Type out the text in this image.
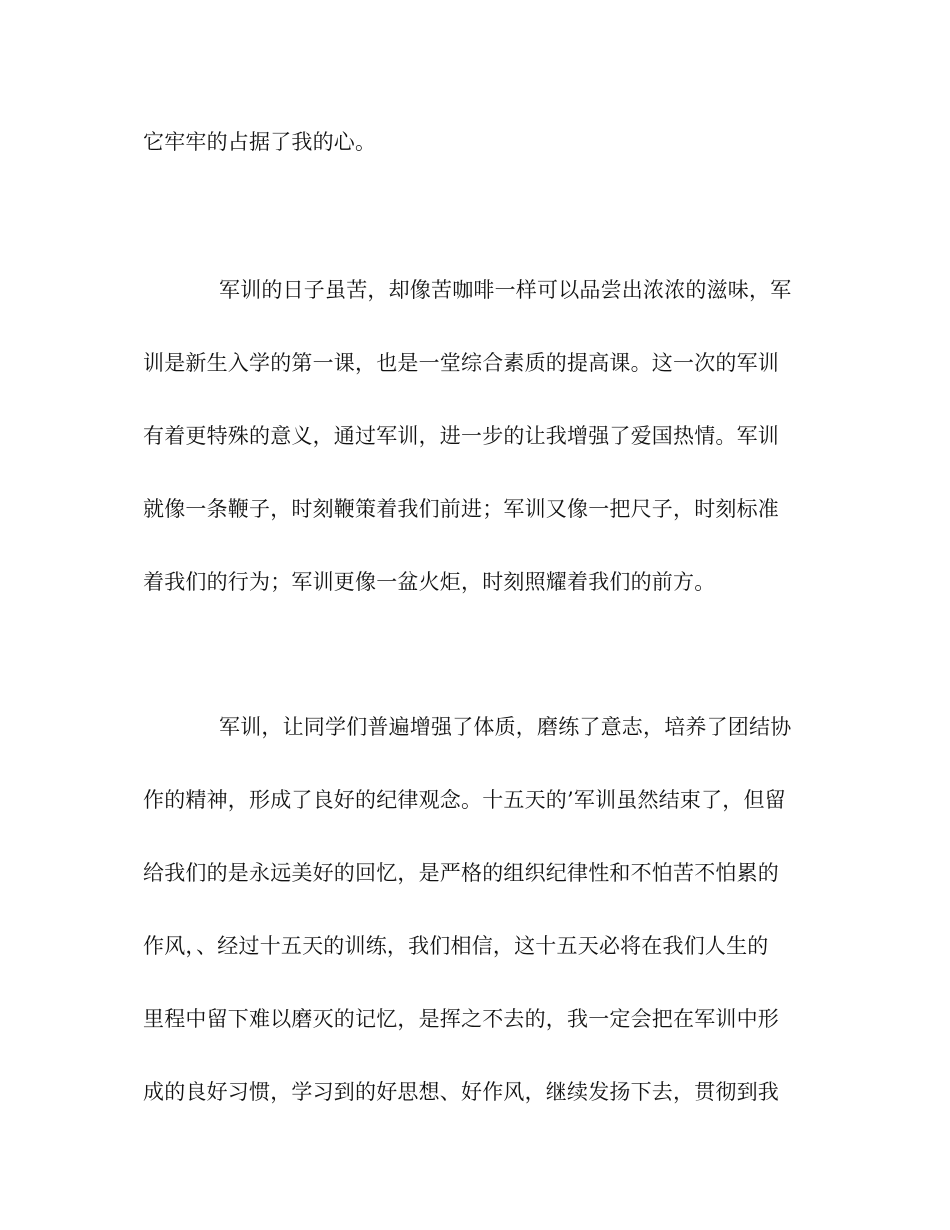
它牢牢的占据了我的心。
军训的日子虽苦，却像苦咖啡一样可以品尝出浓浓的滋味，军
训是新生入学的第一课，也是一堂综合素质的提高课。这一次的军训
有着更特殊的意义，通过军训，进一步的让我增强了爱国热情。军训
就像一条鞭子，时刻鞭策着我们前进；军训又像一把尺子，时刻标准
着我们的行为；军训更像一盆火炬，时刻照耀着我们的前方。
军训，让同学们普遍增强了体质，磨练了意志，培养了团结协
作的精神，形成了良好的纪律观念。十五天的’军训虽然结束了，但留
给我们的是永远美好的回忆，是严格的组织纪律性和不怕苦不怕累的
作风，、经过十五天的训练，我们相信，这十五天必将在我们人生的
里程中留下难以磨灭的记忆，是挥之不去的，我一定会把在军训中形
成的良好习惯，学习到的好思想、好作风，继续发扬下去，贯彻到我
